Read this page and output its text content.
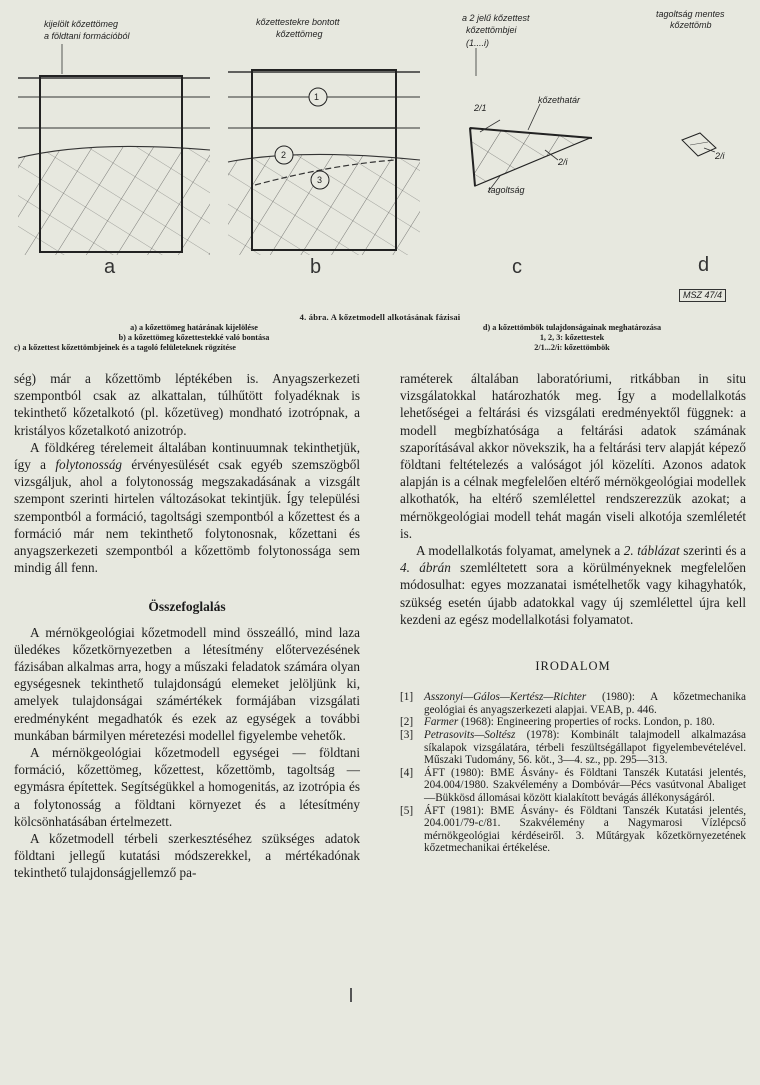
kijelölt kőzettömeg
a földtani formációból
kőzettestekre bontott
kőzettömeg
a 2 jelű kőzettest
kőzettömbjei
(1....i)
tagoltság mentes
kőzettömb
1
2
3
2/1
kőzethatár
2/i
tagoltság
2/i
a	b	c	d
MSZ 47/4
4. ábra. A kőzetmodell alkotásának fázisai
a) a kőzettömeg határának kijelölése
b) a kőzettömeg kőzettestekké való bontása
c) a kőzettest kőzettömbjeinek és a tagoló felületeknek rögzítése
d) a kőzettömbök tulajdonságainak meghatározása
1, 2, 3: kőzettestek
2/1...2/i: kőzettömbök

ség) már a kőzettömb léptékében is. Anyagszerkezeti szempontból csak az alkattalan, túlhűtött folyadéknak is tekinthető kőzetalkotó (pl. kőzetüveg) mondható izotrópnak, a kristályos kőzetalkotó anizotróp.

A földkéreg térelemeit általában kontinuumnak tekinthetjük, így a folytonosság érvényesülését csak egyéb szemszögből vizsgáljuk, ahol a folytonosság megszakadásának a vizsgált szempont szerinti hirtelen változásokat tekintjük. Így települési szempontból a formáció, tagoltsági szempontból a kőzettest és a formáció már nem tekinthető folytonosnak, kőzettani és anyagszerkezeti szempontból a kőzettömb folytonossága sem mindig áll fenn.

Összefoglalás

A mérnökgeológiai kőzetmodell mind összeálló, mind laza üledékes kőzetkörnyezetben a létesítmény előtervezésének fázisában alkalmas arra, hogy a műszaki feladatok számára olyan egységesnek tekinthető tulajdonságú elemeket jelöljünk ki, amelyek tulajdonságai számértékek formájában vizsgálati eredményként megadhatók és ezek az egységek a további munkában bármilyen méretezési modellel figyelembe vehetők.

A mérnökgeológiai kőzetmodell egységei — földtani formáció, kőzettömeg, kőzettest, kőzettömb, tagoltság — egymásra építettek. Segítségükkel a homogenitás, az izotrópia és a folytonosság a földtani környezet és a létesítmény kölcsönhatásában értelmezett.

A kőzetmodell térbeli szerkesztéséhez szükséges adatok földtani jellegű kutatási módszerekkel, a mértékadónak tekinthető tulajdonságjellemző pa-

raméterek általában laboratóriumi, ritkábban in situ vizsgálatokkal határozhatók meg. Így a modellalkotás lehetőségei a feltárási és vizsgálati eredményektől függnek: a modell megbízhatósága a feltárási adatok számának szaporításával akkor növekszik, ha a feltárási terv alapját képező földtani feltételezés a valóságot jól közelíti. Azonos adatok alapján is a célnak megfelelően eltérő mérnökgeológiai modellek alkothatók, ha eltérő szemlélettel rendszerezzük azokat; a mérnökgeológiai modell tehát magán viseli alkotója szemléletét is.

A modellalkotás folyamat, amelynek a 2. táblázat szerinti és a 4. ábrán szemléltetett sora a körülményeknek megfelelően módosulhat: egyes mozzanatai ismételhetők vagy kihagyhatók, szükség esetén újabb adatokkal vagy új szemlélettel újra kell kezdeni az egész modellalkotási folyamatot.

IRODALOM
[1] Asszonyi—Gálos—Kertész—Richter (1980): A kőzetmechanika geológiai és anyagszerkezeti alapjai. VEAB, p. 446.
[2] Farmer (1968): Engineering properties of rocks. London, p. 180.
[3] Petrasovits—Soltész (1978): Kombinált talajmodell alkalmazása síkalapok vizsgálatára, térbeli feszültségállapot figyelembevételével. Műszaki Tudomány, 56. köt., 3—4. sz., pp. 295—313.
[4] ÁFT (1980): BME Ásvány- és Földtani Tanszék Kutatási jelentés, 204.004/1980. Szakvélemény a Dombóvár—Pécs vasútvonal Abaliget—Bükkösd állomásai között kialakított bevágás állékonyságáról.
[5] ÁFT (1981): BME Ásvány- és Földtani Tanszék Kutatási jelentés, 204.001/79-c/81. Szakvélemény a Nagymarosi Vízlépcső mérnökgeológiai kérdéseiről. 3. Műtárgyak kőzetkörnyezetének kőzetmechanikai értékelése.
